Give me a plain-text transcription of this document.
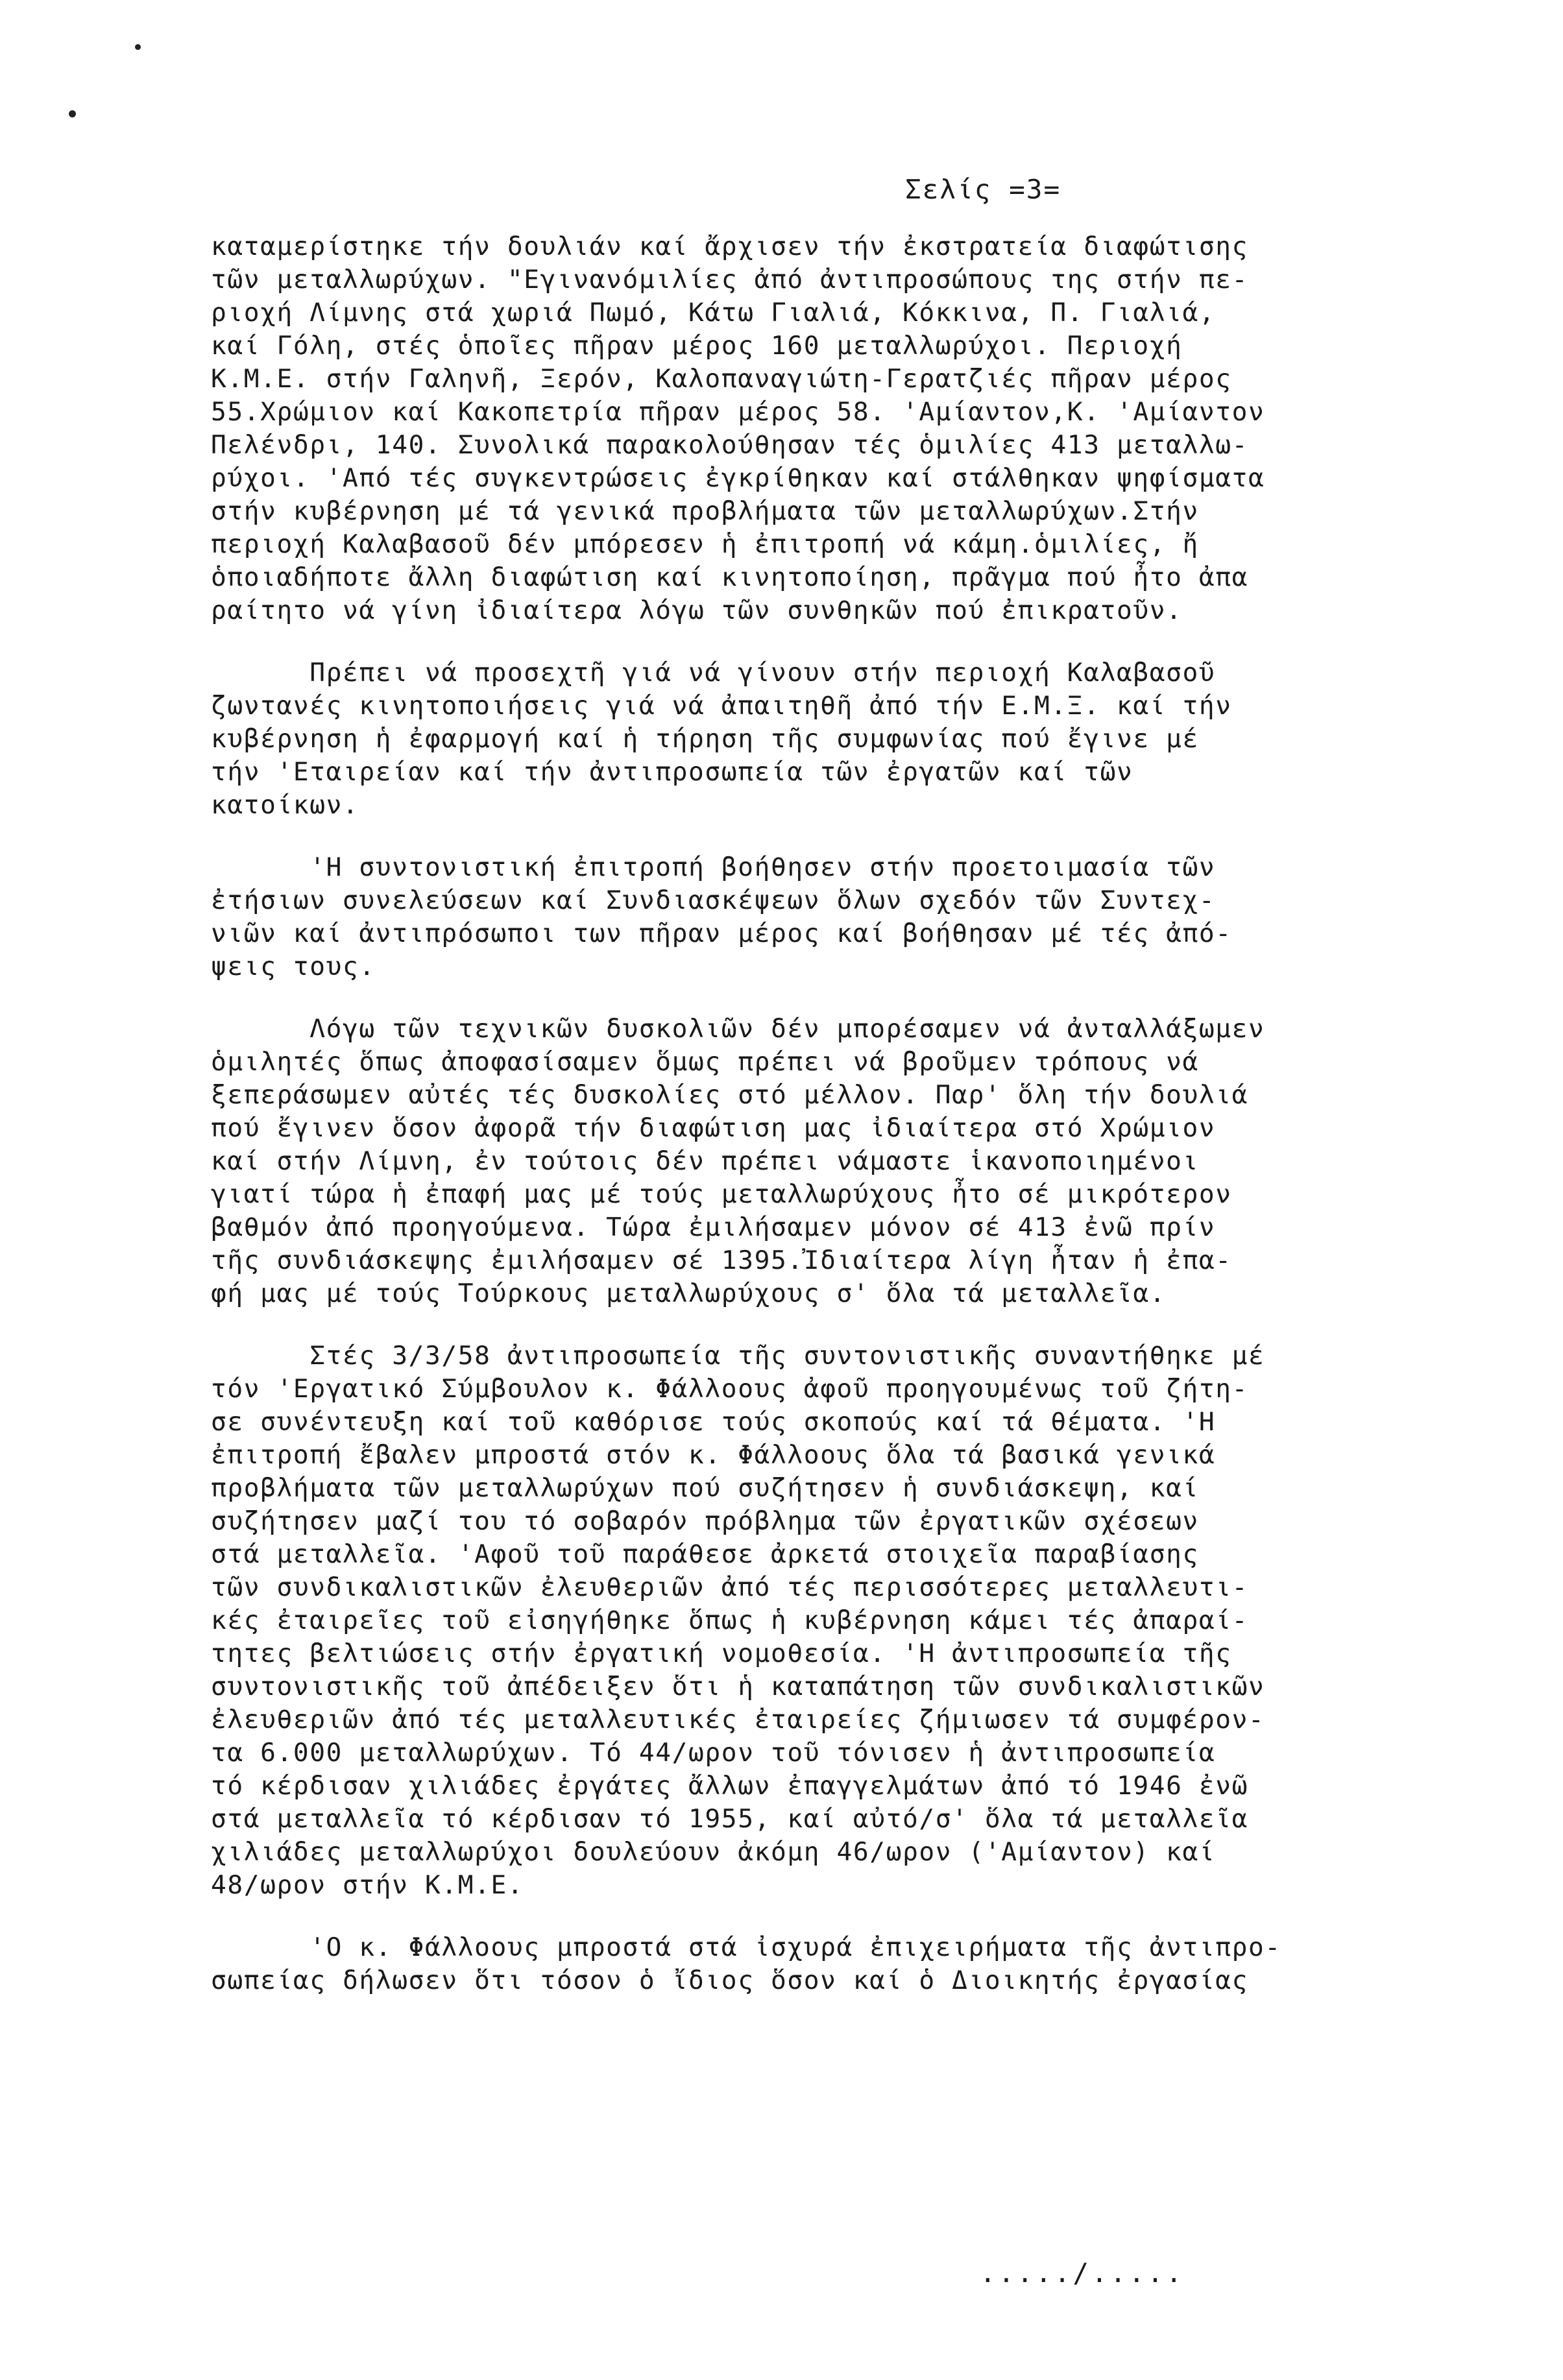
Σελίς =3=
καταμερίστηκε τήν δουλιάν καί ἄρχισεν τήν ἐκστρατεία διαφώτισης
τῶν μεταλλωρύχων. "Εγινανόμιλίες ἀπό ἀντιπροσώπους της στήν πε-
ριοχή Λίμνης στά χωριά Πωμό, Κάτω Γιαλιά, Κόκκινα, Π. Γιαλιά,
καί Γόλη, στές ὁποῖες πῆραν μέρος 160 μεταλλωρύχοι. Περιοχή
Κ.Μ.Ε. στήν Γαληνῆ, Ξερόν, Καλοπαναγιώτη-Γερατζιές πῆραν μέρος
55.Χρώμιον καί Κακοπετρία πῆραν μέρος 58. 'Αμίαντον,Κ. 'Αμίαντον
Πελένδρι, 140. Συνολικά παρακολούθησαν τές ὁμιλίες 413 μεταλλω-
ρύχοι. 'Από τές συγκεντρώσεις ἐγκρίθηκαν καί στάλθηκαν ψηφίσματα
στήν κυβέρνηση μέ τά γενικά προβλήματα τῶν μεταλλωρύχων.Στήν
περιοχή Καλαβασοῦ δέν μπόρεσεν ἡ ἐπιτροπή νά κάμη.ὁμιλίες, ἤ
ὁποιαδήποτε ἄλλη διαφώτιση καί κινητοποίηση, πρᾶγμα πού ἦτο ἀπα
ραίτητο νά γίνη ἰδιαίτερα λόγω τῶν συνθηκῶν πού ἐπικρατοῦν.
Πρέπει νά προσεχτῆ γιά νά γίνουν στήν περιοχή Καλαβασοῦ
ζωντανές κινητοποιήσεις γιά νά ἀπαιτηθῆ ἀπό τήν Ε.Μ.Ξ. καί τήν
κυβέρνηση ἡ ἐφαρμογή καί ἡ τήρηση τῆς συμφωνίας πού ἔγινε μέ
τήν 'Εταιρείαν καί τήν ἀντιπροσωπεία τῶν ἐργατῶν καί τῶν
κατοίκων.
'Η συντονιστική ἐπιτροπή βοήθησεν στήν προετοιμασία τῶν
ἐτήσιων συνελεύσεων καί Συνδιασκέψεων ὅλων σχεδόν τῶν Συντεχ-
νιῶν καί ἀντιπρόσωποι των πῆραν μέρος καί βοήθησαν μέ τές ἀπό-
ψεις τους.
Λόγω τῶν τεχνικῶν δυσκολιῶν δέν μπορέσαμεν νά ἀνταλλάξωμεν
ὁμιλητές ὅπως ἀποφασίσαμεν ὅμως πρέπει νά βροῦμεν τρόπους νά
ξεπεράσωμεν αὐτές τές δυσκολίες στό μέλλον. Παρ' ὅλη τήν δουλιά
πού ἔγινεν ὅσον ἀφορᾶ τήν διαφώτιση μας ἰδιαίτερα στό Χρώμιον
καί στήν Λίμνη, ἐν τούτοις δέν πρέπει νάμαστε ἱκανοποιημένοι
γιατί τώρα ἡ ἐπαφή μας μέ τούς μεταλλωρύχους ἦτο σέ μικρότερον
βαθμόν ἀπό προηγούμενα. Τώρα ἐμιλήσαμεν μόνον σέ 413 ἐνῶ πρίν
τῆς συνδιάσκεψης ἐμιλήσαμεν σέ 1395.Ἰδιαίτερα λίγη ἦταν ἡ ἐπα-
φή μας μέ τούς Τούρκους μεταλλωρύχους σ' ὅλα τά μεταλλεῖα.
Στές 3/3/58 ἀντιπροσωπεία τῆς συντονιστικῆς συναντήθηκε μέ
τόν 'Εργατικό Σύμβουλον κ. Φάλλοους ἀφοῦ προηγουμένως τοῦ ζήτη-
σε συνέντευξη καί τοῦ καθόρισε τούς σκοπούς καί τά θέματα. 'Η
ἐπιτροπή ἔβαλεν μπροστά στόν κ. Φάλλοους ὅλα τά βασικά γενικά
προβλήματα τῶν μεταλλωρύχων πού συζήτησεν ἡ συνδιάσκεψη, καί
συζήτησεν μαζί του τό σοβαρόν πρόβλημα τῶν ἐργατικῶν σχέσεων
στά μεταλλεῖα. 'Αφοῦ τοῦ παράθεσε ἀρκετά στοιχεῖα παραβίασης
τῶν συνδικαλιστικῶν ἐλευθεριῶν ἀπό τές περισσότερες μεταλλευτι-
κές ἐταιρεῖες τοῦ εἰσηγήθηκε ὅπως ἡ κυβέρνηση κάμει τές ἀπαραί-
τητες βελτιώσεις στήν ἐργατική νομοθεσία. 'Η ἀντιπροσωπεία τῆς
συντονιστικῆς τοῦ ἀπέδειξεν ὅτι ἡ καταπάτηση τῶν συνδικαλιστικῶν
ἐλευθεριῶν ἀπό τές μεταλλευτικές ἐταιρείες ζήμιωσεν τά συμφέρον-
τα 6.000 μεταλλωρύχων. Τό 44/ωρον τοῦ τόνισεν ἡ ἀντιπροσωπεία
τό κέρδισαν χιλιάδες ἐργάτες ἄλλων ἐπαγγελμάτων ἀπό τό 1946 ἐνῶ
στά μεταλλεῖα τό κέρδισαν τό 1955, καί αὐτό/σ' ὅλα τά μεταλλεῖα
χιλιάδες μεταλλωρύχοι δουλεύουν ἀκόμη 46/ωρον ('Αμίαντον) καί
48/ωρον στήν Κ.Μ.Ε.
'Ο κ. Φάλλοους μπροστά στά ἰσχυρά ἐπιχειρήματα τῆς ἀντιπρο-
σωπείας δήλωσεν ὅτι τόσον ὁ ἴδιος ὅσον καί ὁ Διοικητής ἐργασίας
...../.....
